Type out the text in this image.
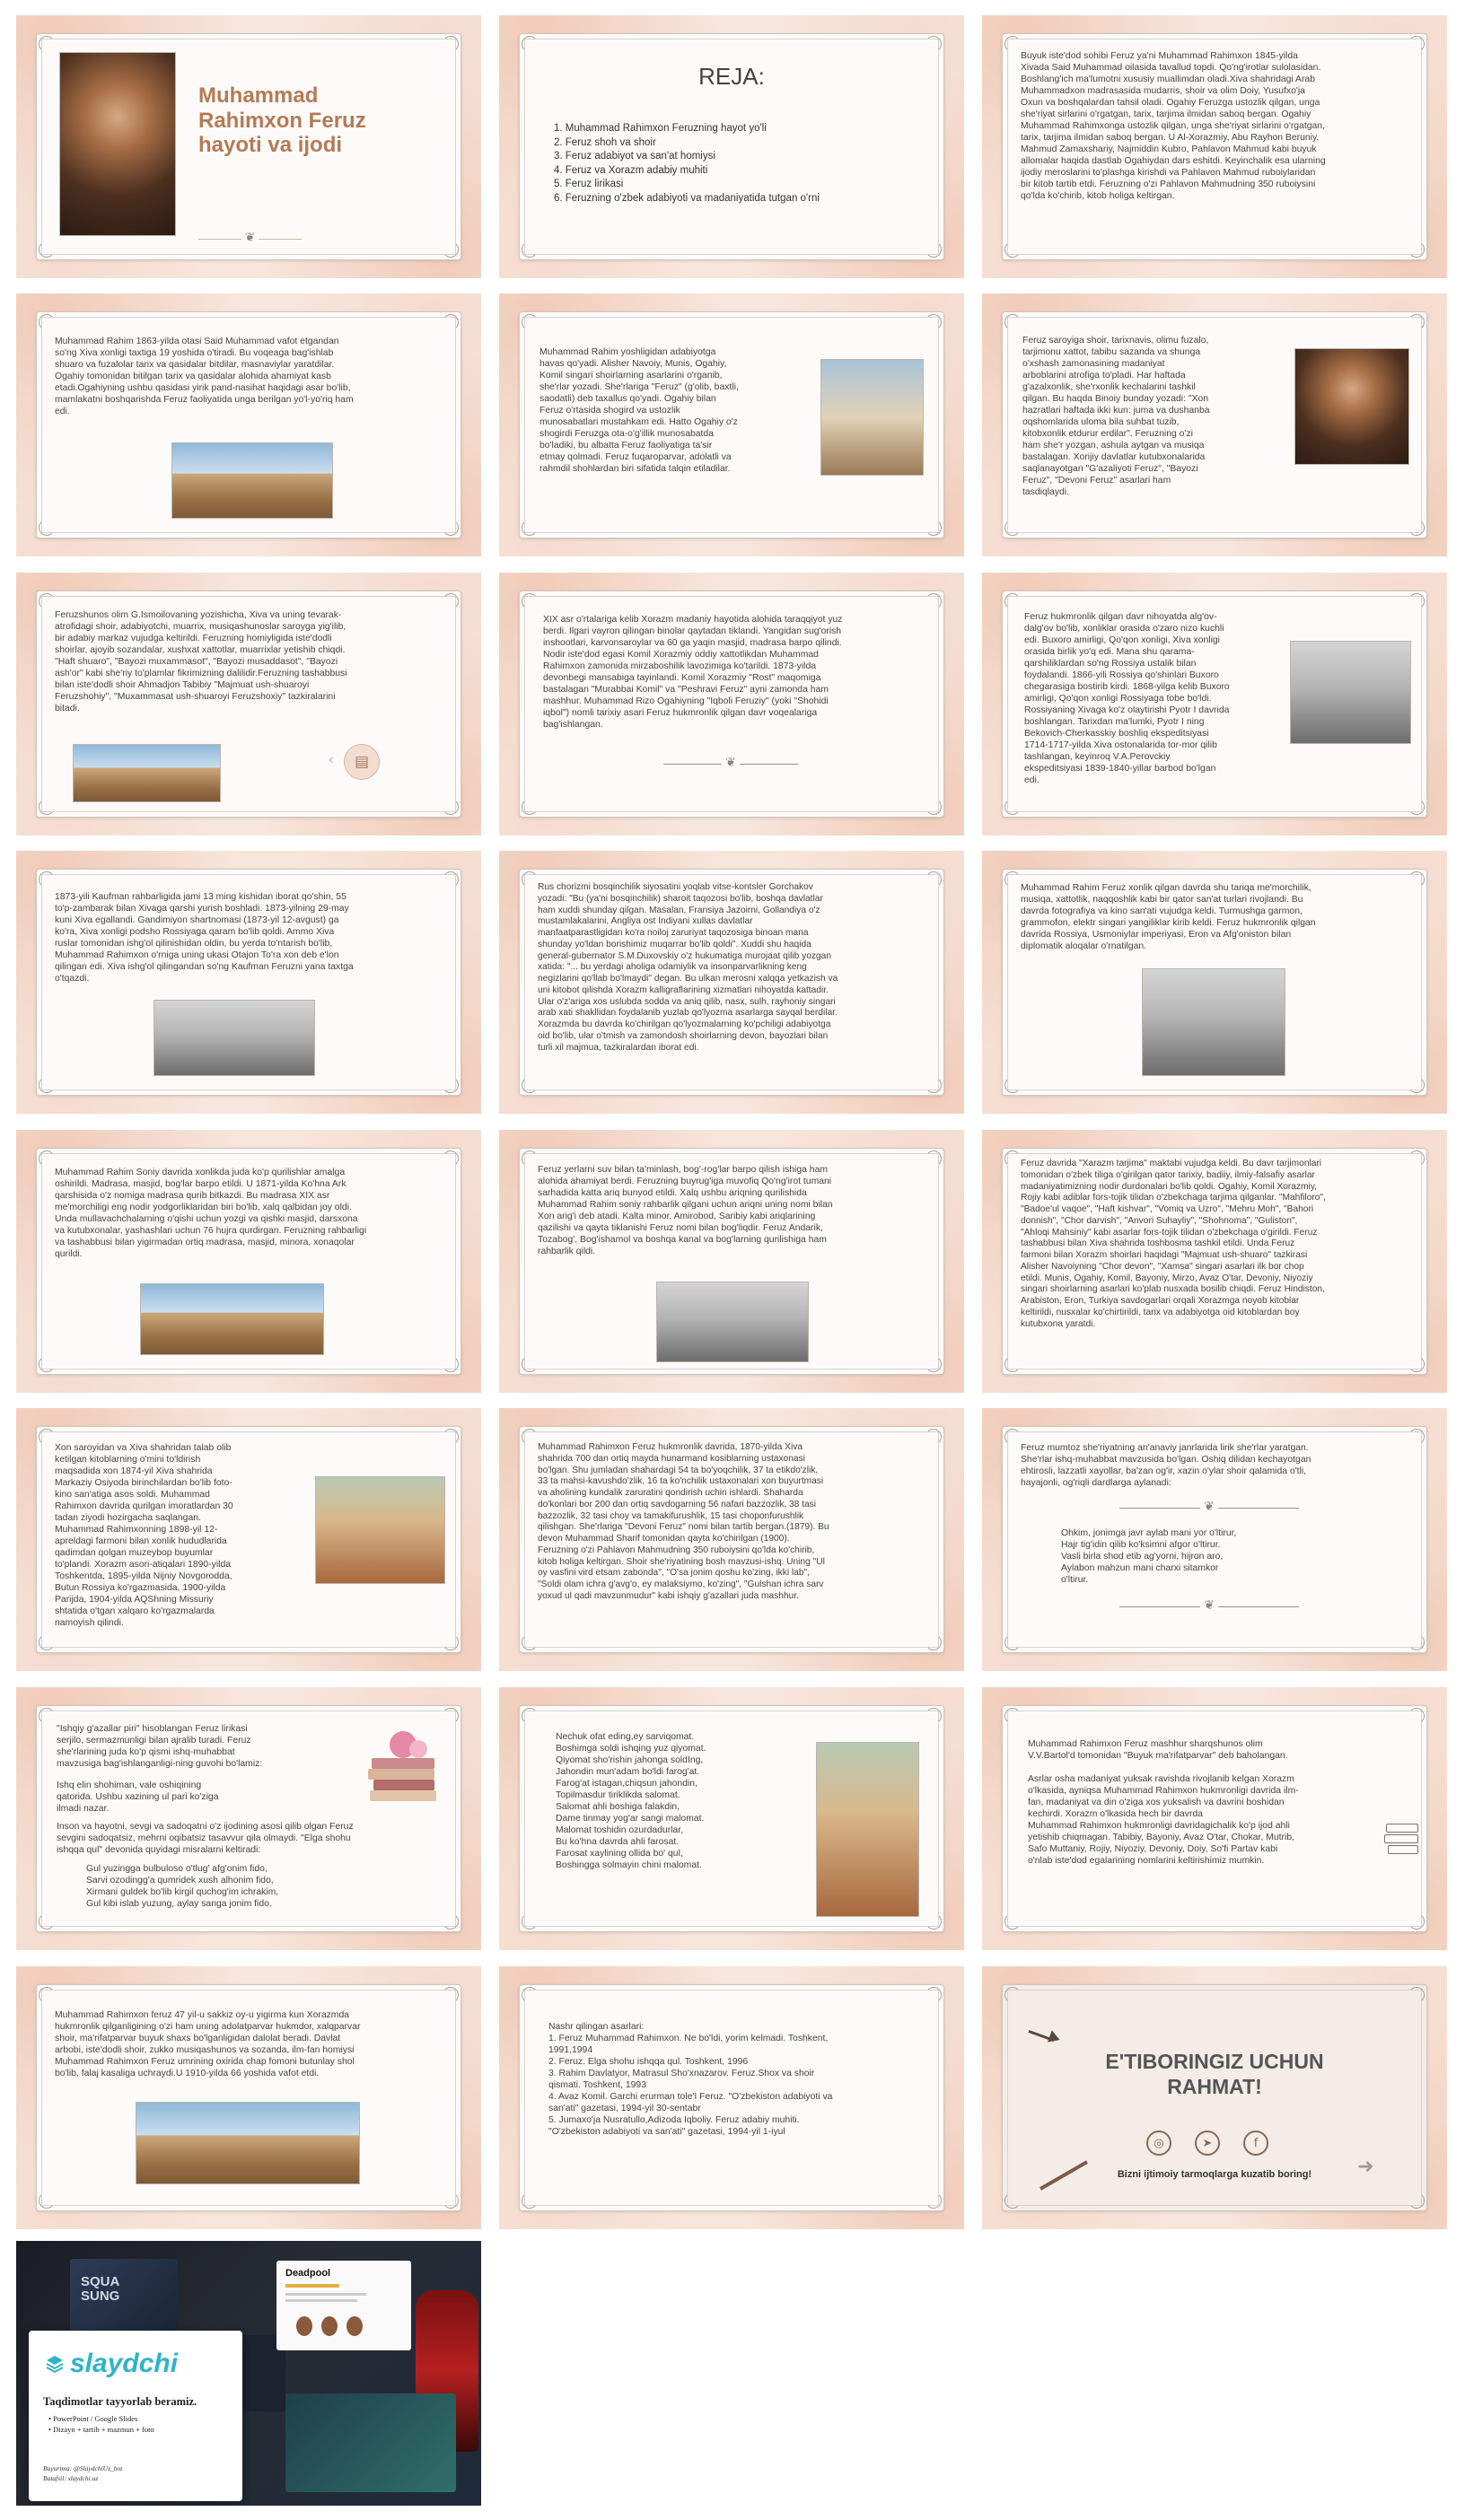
Muhammad
Rahimxon Feruz
hayoti va ijodi
❦
REJA:
1. Muhammad Rahimxon Feruzning hayot yo'li
2. Feruz shoh va shoir
3. Feruz adabiyot va san'at homiysi
4. Feruz va Xorazm adabiy muhiti
5. Feruz lirikasi
6. Feruzning o'zbek adabiyoti va madaniyatida tutgan o'rni
Buyuk iste'dod sohibi Feruz ya'ni Muhammad Rahimxon 1845-yilda
Xivada Said Muhammad oilasida tavallud topdi. Qo'ng'irotlar sulolasidan.
Boshlang'ich ma'lumotni xususiy muallimdan oladi.Xiva shahridagi Arab
Muhammadxon madrasasida mudarris, shoir va olim Doiy, Yusufxo'ja
Oxun va boshqalardan tahsil oladi. Ogahiy Feruzga ustozlik qilgan, unga
she'riyat sirlarini o'rgatgan, tarix, tarjima ilmidan saboq bergan. Ogahiy
Muhammad Rahimxonga ustozlik qilgan, unga she'riyat sirlarini o'rgatgan,
tarix, tarjima ilmidan saboq bergan. U Al-Xorazmiy, Abu Rayhon Beruniy,
Mahmud Zamaxshariy, Najmiddin Kubro, Pahlavon Mahmud kabi buyuk
allomalar haqida dastlab Ogahiydan dars eshitdi. Keyinchalik esa ularning
ijodiy meroslarini to'plashga kirishdi va Pahlavon Mahmud ruboiylaridan
bir kitob tartib etdi. Feruzning o'zi Pahlavon Mahmudning 350 ruboiysini
qo'lda ko'chirib, kitob holiga keltirgan.
Muhammad Rahim 1863-yilda otasi Said Muhammad vafot etgandan
so'ng Xiva xonligi taxtiga 19 yoshida o'tiradi. Bu voqeaga bag'ishlab
shuaro va fuzalolar tarix va qasidalar bitdilar, masnaviylar yaratdilar.
Ogahiy tomonidan bitilgan tarix va qasidalar alohida ahamiyat kasb
etadi.Ogahiyning ushbu qasidasi yirik pand-nasihat haqidagi asar bo'lib,
mamlakatni boshqarishda Feruz faoliyatida unga berilgan yo'l-yo'riq ham
edi.
Muhammad Rahim yoshligidan adabiyotga
havas qo'yadi. Alisher Navoiy, Munis, Ogahiy,
Komil singari shoirlarning asarlarini o'rganib,
she'rlar yozadi. She'rlariga "Feruz" (g'olib, baxtli,
saodatli) deb taxallus qo'yadi. Ogahiy bilan
Feruz o'rtasida shogird va ustozlik
munosabatlari mustahkam edi. Hatto Ogahiy o'z
shogirdi Feruzga ota-o'g'illik munosabatda
bo'ladiki, bu albatta Feruz faoliyatiga ta'sir
etmay qolmadi. Feruz fuqaroparvar, adolatli va
rahmdil shohlardan biri sifatida talqin etiladilar.
Feruz saroyiga shoir, tarixnavis, olimu fuzalo,
tarjimonu xattot, tabibu sazanda va shunga
o'xshash zamonasining madaniyat
arboblarini atrofiga to'pladi. Har haftada
g'azalxonlik, she'rxonlik kechalarini tashkil
qilgan. Bu haqda Binoiy bunday yozadi: "Xon
hazratlari haftada ikki kun: juma va dushanba
oqshomlarida uloma bila suhbat tuzib,
kitobxonlik etdurur erdilar". Feruzning o'zi
ham she'r yozgan, ashula aytgan va musiqa
bastalagan. Xorijiy davlatlar kutubxonalarida
saqlanayotgan "G'azaliyoti Feruz", "Bayozi
Feruz", "Devoni Feruz" asarlari ham
tasdiqlaydi.
Feruzshunos olim G.Ismoilovaning yozishicha, Xiva va uning tevarak-
atrofidagi shoir, adabiyotchi, muarrix, musiqashunoslar saroyga yig'ilib,
bir adabiy markaz vujudga keltirildi. Feruzning homiyligida iste'dodli
shoirlar, ajoyib sozandalar, xushxat xattotlar, muarrixlar yetishib chiqdi.
"Haft shuaro", "Bayozi muxammasot", "Bayozi musaddasot", "Bayozi
ash'or" kabi she'riy to'plamlar fikrimizning dalilidir.Feruzning tashabbusi
bilan iste'dodli shoir Ahmadjon Tabibiy "Majmuat ush-shuaroyi
Feruzshohiy", "Muxammasat ush-shuaroyi Feruzshoxiy" tazkiralarini
bitadi.
▤
‹
XIX asr o'rtalariga kelib Xorazm madaniy hayotida alohida taraqqiyot yuz
berdi. Ilgari vayron qilingan binolar qaytadan tiklandi. Yangidan sug'orish
inshootlari, karvonsaroylar va 60 ga yaqin masjid, madrasa barpo qilindi.
Nodir iste'dod egasi Komil Xorazmiy oddiy xattotlikdan Muhammad
Rahimxon zamonida mirzaboshilik lavozimiga ko'tarildi. 1873-yilda
devonbegi mansabiga tayinlandi. Komil Xorazmiy "Rost" maqomiga
bastalagan "Murabbai Komil" va "Peshravi Feruz" ayni zamonda ham
mashhur. Muhammad Rizo Ogahiyning "Iqboli Feruziy" (yoki "Shohidi
iqbol") nomli tarixiy asari Feruz hukmronlik qilgan davr voqealariga
bag'ishlangan.
❦
Feruz hukmronlik qilgan davr nihoyatda alg'ov-
dalg'ov bo'lib, xonliklar orasida o'zaro nizo kuchli
edi. Buxoro amirligi, Qo'qon xonligi, Xiva xonligi
orasida birlik yo'q edi. Mana shu qarama-
qarshiliklardan so'ng Rossiya ustalik bilan
foydalandi. 1866-yili Rossiya qo'shinlari Buxoro
chegarasiga bostirib kirdi. 1868-yilga kelib Buxoro
amirligi, Qo'qon xonligi Rossiyaga tobe bo'ldi.
Rossiyaning Xivaga ko'z olaytirishi Pyotr I davrida
boshlangan. Tarixdan ma'lumki, Pyotr I ning
Bekovich-Cherkasskiy boshliq ekspeditsiyasi
1714-1717-yilda Xiva ostonalarida tor-mor qilib
tashlangan, keyinroq V.A.Perovckiy
ekspeditsiyasi 1839-1840-yillar barbod bo'lgan
edi.
1873-yili Kaufman rahbarligida jami 13 ming kishidan iborat qo'shin, 55
to'p-zambarak bilan Xivaga qarshi yurish boshladi. 1873-yilning 29-may
kuni Xiva egallandi. Gandimiyon shartnomasi (1873-yil 12-avgust) ga
ko'ra, Xiva xonligi podsho Rossiyaga qaram bo'lib qoldi. Ammo Xiva
ruslar tomonidan ishg'ol qilinishidan oldin, bu yerda to'ntarish bo'lib,
Muhammad Rahimxon o'rniga uning ukasi Otajon To'ra xon deb e'lon
qilingan edi. Xiva ishg'ol qilingandan so'ng Kaufman Feruzni yana taxtga
o'tqazdi.
Rus chorizmi bosqinchilik siyosatini yoqlab vitse-kontsler Gorchakov
yozadi: "Bu (ya'ni bosqinchilik) sharoit taqozosi bo'lib, boshqa davlatlar
ham xuddi shunday qilgan. Masalan, Fransiya Jazoirni, Gollandiya o'z
mustamlakalarini, Angliya ost Indiyani xullas davlatlar
manfaatparastligidan ko'ra noiloj zaruriyat taqozosiga binoan mana
shunday yo'ldan borishimiz muqarrar bo'lib qoldi". Xuddi shu haqida
general-gubernator S.M.Duxovskiy o'z hukumatiga murojaat qilib yozgan
xatida: "... bu yerdagi aholiga odamiylik va insonparvarlikning keng
negizlarini qo'llab bo'lmaydi" degan. Bu ulkan merosni xalqqa yetkazish va
uni kitobot qilishda Xorazm kalligraflarining xizmatlari nihoyatda kattadir.
Ular o'z'ariga xos uslubda sodda va aniq qilib, nasx, sulh, rayhoniy singari
arab xati shakllidan foydalanib yuzlab qo'lyozma asarlarga sayqal berdilar.
Xorazmda bu davrda ko'chirilgan qo'lyozmalarning ko'pchiligi adabiyotga
oid bo'lib, ular o'tmish va zamondosh shoirlarning devon, bayozlari bilan
turli xil majmua, tazkiralardan iborat edi.
Muhammad Rahim Feruz xonlik qilgan davrda shu tariqa me'morchilik,
musiqa, xattotlik, naqqoshlik kabi bir qator san'at turlari rivojlandi. Bu
davrda fotografiya va kino san'ati vujudga keldi. Turmushga garmon,
grammofon, elektr singari yangiliklar kirib keldi. Feruz hukmronlik qilgan
davrida Rossiya, Usmoniylar imperiyasi, Eron va Afg'oniston bilan
diplomatik aloqalar o'rnatilgan.
Muhammad Rahim Soniy davrida xonlikda juda ko'p qurilishlar amalga
oshirildi. Madrasa, masjid, bog'lar barpo etildi. U 1871-yilda Ko'hna Ark
qarshisida o'z nomiga madrasa qurib bitkazdi. Bu madrasa XIX asr
me'morchiligi eng nodir yodgorliklaridan biri bo'lib, xalq qalbidan joy oldi.
Unda mullavachchalarning o'qishi uchun yozgi va qishki masjid, darsxona
va kutubxonalar, yashashlari uchun 76 hujra qurdirgan. Feruzning rahbarligi
va tashabbusi bilan yigirmadan ortiq madrasa, masjid, minora, xonaqolar
qurildi.
Feruz yerlarni suv bilan ta'minlash, bog'-rog'lar barpo qilish ishiga ham
alohida ahamiyat berdi. Feruzning buyrug'iga muvofiq Qo'ng'irot tumani
sarhadida katta ariq bunyod etildi. Xalq ushbu ariqning qurilishida
Muhammad Rahim soniy rahbarlik qilgani uchun ariqni uning nomi bilan
Xon arig'i deb atadi. Kalta minor, Amirobod, Saribiy kabi ariqlarining
qazilishi va qayta tiklanishi Feruz nomi bilan bog'liqdir. Feruz Andarik,
Tozabog', Bog'ishamol va boshqa kanal va bog'larning qurilishiga ham
rahbarlik qildi.
Feruz davrida "Xarazm tarjima" maktabi vujudga keldi. Bu davr tarjimonlari
tomonidan o'zbek tiliga o'girilgan qator tarixiy, badiiy, ilmiy-falsafiy asarlar
madaniyatimizning nodir durdonalari bo'lib qoldi. Ogahiy, Komil Xorazmiy,
Rojiy kabi adiblar fors-tojik tilidan o'zbekchaga tarjima qilganlar. "Mahfiloro",
"Badoe'ul vaqoe", "Haft kishvar", "Vomiq va Uzro", "Mehru Moh", "Bahori
donnish", "Chor darvish", "Anvori Suhayliy", "Shohnoma", "Guliston",
"Ahloqi Mahsiniy" kabi asarlar fors-tojik tilidan o'zbekchaga o'girildi. Feruz
tashabbusi bilan Xiva shahrida toshbosma tashkil etildi. Unda Feruz
farmoni bilan Xorazm shoirlari haqidagi "Majmuat ush-shuaro" tazkirasi
Alisher Navoiyning "Chor devon", "Xamsa" singari asarlari ilk bor chop
etildi. Munis, Ogahiy, Komil, Bayoniy, Mirzo, Avaz O'tar, Devoniy, Niyoziy
singari shoirlarning asarlari ko'plab nusxada bosilib chiqdi. Feruz Hindiston,
Arabiston, Eron, Turkiya savdogarlari orqali Xorazmga noyob kitoblar
keltirildi, nusxalar ko'chirtirildi, tarix va adabiyotga oid kitoblardan boy
kutubxona yaratdi.
Xon saroyidan va Xiva shahridan talab olib
ketilgan kitoblarning o'mini to'ldirish
maqsadida xon 1874-yil Xiva shahrida
Markaziy Osiyoda birinchilardan bo'lib foto-
kino san'atiga asos soldi. Muhammad
Rahimxon davrida qurilgan imoratlardan 30
tadan ziyodi hozirgacha saqlangan.
Muhammad Rahimxonning 1898-yil 12-
apreldagi farmoni bilan xonlik hududlarida
qadimdan qolgan muzeybop buyumlar
to'plandi. Xorazm asori-atiqalari 1890-yilda
Toshkentda, 1895-yilda Nijniy Novgorodda,
Butun Rossiya ko'rgazmasida, 1900-yilda
Parijda, 1904-yilda AQShning Missuriy
shtatida o'tgan xalqaro ko'rgazmalarda
namoyish qilindi.
Muhammad Rahimxon Feruz hukmronlik davrida, 1870-yilda Xiva
shahrida 700 dan ortiq mayda hunarmand kosiblarning ustaxonasi
bo'lgan. Shu jumladan shahardagi 54 ta bo'yoqchilik, 37 ta etikdo'zlik,
33 ta mahsi-kavushdo'zlik, 16 ta ko'nchilik ustaxonalari xon buyurtmasi
va aholining kundalik zaruratini qondirish uchin ishlardi. Shaharda
do'konlari bor 200 dan ortiq savdogarning 56 nafari bazzozlik, 38 tasi
bazzozlik, 32 tasi choy va tamakifurushlik, 15 tasi choponfurushlik
qilishgan. She'rlariga "Devoni Feruz" nomi bilan tartib bergan.(1879). Bu
devon Muhammad Sharif tomonidan qayta ko'chirilgan (1900).
Feruzning o'zi Pahlavon Mahmudning 350 ruboiysini qo'lda ko'chirib,
kitob holiga keltirgan. Shoir she'riyatining bosh mavzusi-ishq. Uning "Ul
oy vasfini vird etsam zabonda", "O'sa jonim qoshu ko'zing, ikki lab",
"Soldi olam ichra g'avg'o, ey malaksiymo, ko'zing", "Gulshan ichra sarv
yoxud ul qadi mavzunmudur" kabi ishqiy g'azallari juda mashhur.
Feruz mumtoz she'riyatning an'anaviy janrlarida lirik she'rlar yaratgan.
She'rlar ishq-muhabbat mavzusida bo'lgan. Oshiq dilidan kechayotgan
ehtirosli, lazzatli xayollar, ba'zan og'ir, xazin o'ylar shoir qalamida o'tli,
hayajonli, og'riqli dardlarga aylanadi:
❦
Ohkim, jonimga javr aylab mani yor o'ltirur,
Hajr tig'idin qilib ko'ksimni afgor o'ltirur.
Vasli birla shod etib ag'yorni, hijron aro,
Aylabon mahzun mani charxi sitamkor
o'ltirur.
❦
"Ishqiy g'azallar piri" hisoblangan Feruz lirikasi
serjilo, sermazmunligi bilan ajralib turadi. Feruz
she'rlarining juda ko'p qismi ishq-muhabbat
mavzusiga bag'ishlanganligi-ning guvohi bo'lamiz:
Ishq elin shohiman, vale oshiqining
qatorida. Ushbu xazining ul pari ko'ziga
ilmadi nazar.
Inson va hayotni, sevgi va sadoqatni o'z ijodining asosi qilib olgan Feruz
sevgini sadoqatsiz, mehrni oqibatsiz tasavvur qila olmaydi. "Elga shohu
ishqqa qul" devonida quyidagi misralarni keltiradi:
Gul yuzingga bulbuloso o'tlug' afg'onim fido,
Sarvi ozodingg'a qumridek xush alhonim fido,
Xirmani guldek bo'lib kirgil quchog'im ichrakim,
Gul kibi islab yuzung, aylay sanga jonim fido.
Nechuk ofat eding,ey sarviqomat.
Boshimga soldi ishqing yuz qiyomat.
Qiyomat sho'rishin jahonga soldIng,
Jahondin mun'adam bo'ldi farog'at.
Farog'at istagan,chiqsun jahondin,
Topilmasdur tiriklikda salomat.
Salomat ahli boshiga falakdin,
Dame tinmay yog'ar sangi malomat.
Malomat toshidin ozurdadurlar,
Bu ko'hna davrda ahli farosat.
Farosat xaylining ollida bo' qul,
Boshingga solmayin chini malomat.
Muhammad Rahimxon Feruz mashhur sharqshunos olim
V.V.Bartol'd tomonidan "Buyuk ma'rifatparvar" deb baholangan.

Asrlar osha madaniyat yuksak ravishda rivojlanib kelgan Xorazm
o'lkasida, ayniqsa Muhammad Rahimxon hukmronligi davrida ilm-
fan, madaniyat va din o'ziga xos yuksalish va davrini boshidan
kechirdi. Xorazm o'lkasida hech bir davrda
Muhammad Rahimxon hukmronligi davridagichalik ko'p ijod ahli
yetishib chiqmagan. Tabibiy, Bayoniy, Avaz O'tar, Chokar, Mutrib,
Safo Muttaniy, Rojiy, Niyoziy, Devoniy, Doiy, So'fi Partav kabi
o'nlab iste'dod egalarining nomlarini keltirishimiz mumkin.
Muhammad Rahimxon feruz 47 yil-u sakkiz oy-u yigirma kun Xorazmda
hukmronlik qilganligining o'zi ham uning adolatparvar hukmdor, xalqparvar
shoir, ma'rifatparvar buyuk shaxs bo'lganligidan dalolat beradi. Davlat
arbobi, iste'dodli shoir, zukko musiqashunos va sozanda, ilm-fan homiysi
Muhammad Rahimxon Feruz umrining oxirida chap fomoni butunlay shol
bo'lib, falaj kasaliga uchraydi.U 1910-yilda 66 yoshida vafot etdi.
Nashr qilingan asarlari:
1. Feruz Muhammad Rahimxon. Ne bo'ldi, yorim kelmadi. Toshkent,
1991,1994
2. Feruz. Elga shohu ishqqa qul. Toshkent, 1996
3. Rahim Davlatyor, Matrasul Sho'xnazarov. Feruz.Shox va shoir
qismati. Toshkent, 1993
4. Avaz Komil. Garchi erurman tole'I Feruz. "O'zbekiston adabiyoti va
san'ati" gazetasi, 1994-yil 30-sentabr
5. Jumaxo'ja Nusratullo,Adizoda Iqboliy. Feruz adabiy muhiti.
"O'zbekiston adabiyoti va san'ati" gazetasi, 1994-yil 1-iyul
E'TIBORINGIZ UCHUN
RAHMAT!
◎	➤	f
Bizni ijtimoiy tarmoqlarga kuzatib boring!	➜
SQUA
SUNG
Deadpool
slaydchi
Taqdimotlar tayyorlab beramiz.
• PowerPoint / Google Slides
• Dizayn + tartib + mazmun + foto
Buyurtma: @SlaydchiUz_bot
Batafsil: slaydchi.uz
